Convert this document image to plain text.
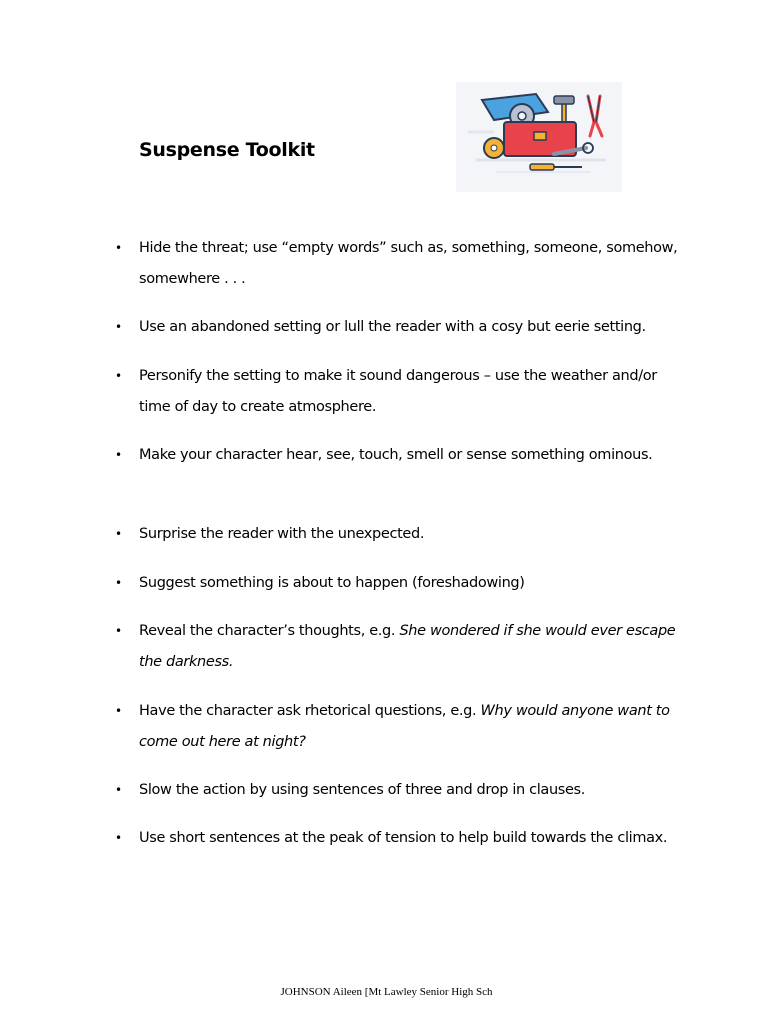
Suspense Toolkit
• Hide the threat; use “empty words” such as, something, someone, somehow, somewhere . . .
• Use an abandoned setting or lull the reader with a cosy but eerie setting.
• Personify the setting to make it sound dangerous – use the weather and/or time of day to create atmosphere.
• Make your character hear, see, touch, smell or sense something ominous.
• Surprise the reader with the unexpected.
• Suggest something is about to happen (foreshadowing)
• Reveal the character’s thoughts, e.g. She wondered if she would ever escape the darkness.
• Have the character ask rhetorical questions, e.g. Why would anyone want to come out here at night?
• Slow the action by using sentences of three and drop in clauses.
• Use short sentences at the peak of tension to help build towards the climax.
JOHNSON Aileen [Mt Lawley Senior High Sch
